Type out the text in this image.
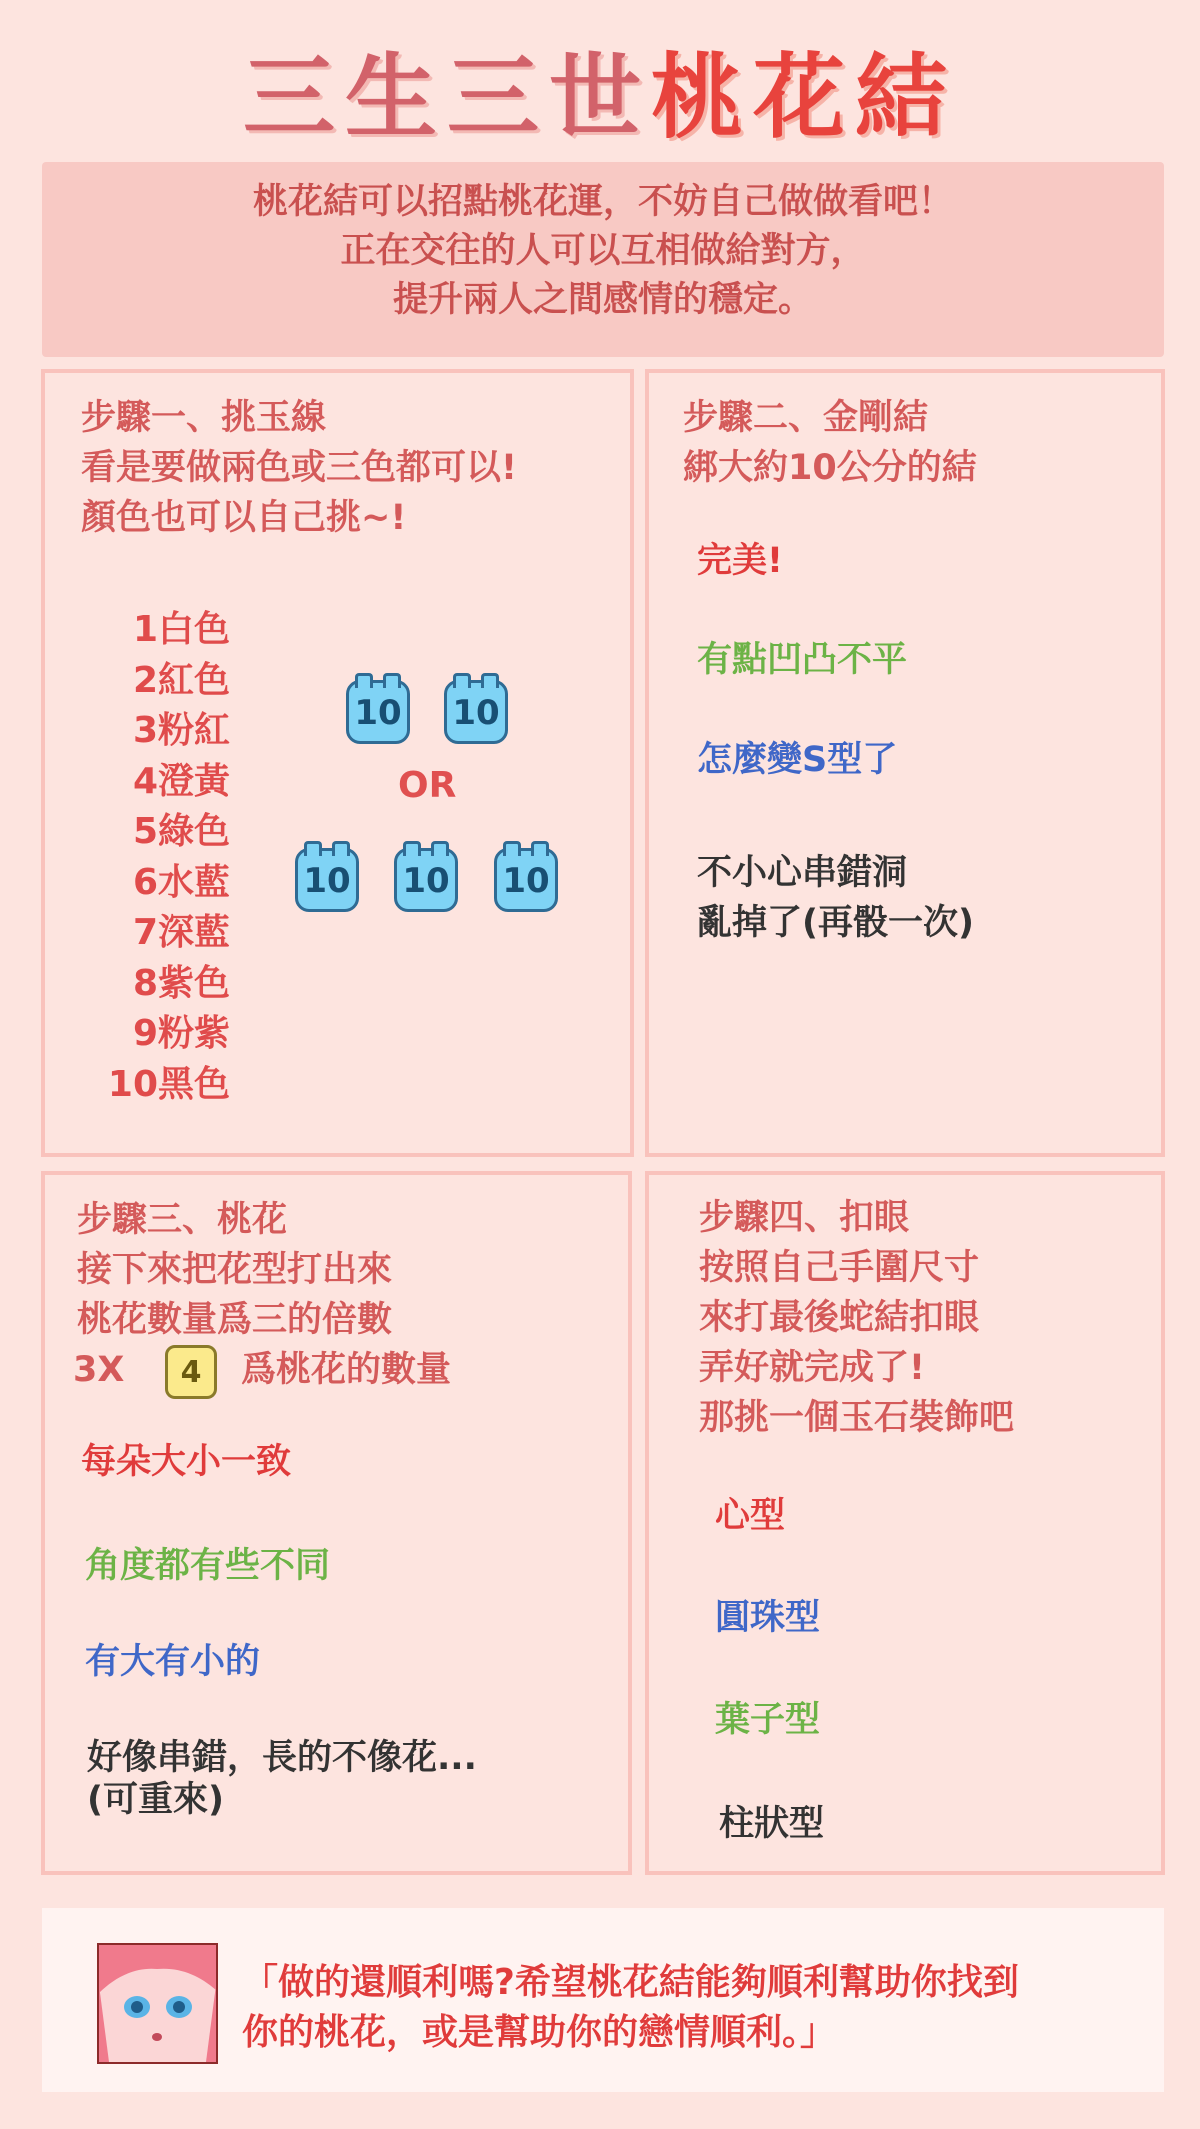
三生三世桃花結
桃花結可以招點桃花運，不妨自己做做看吧！
正在交往的人可以互相做給對方，
提升兩人之間感情的穩定。
步驟一、挑玉線
看是要做兩色或三色都可以!
顏色也可以自己挑~!
1白色
2紅色
3粉紅
4澄黃
5綠色
6水藍
7深藍
8紫色
9粉紫
10黑色
10 10
OR
10 10 10
步驟二、金剛結
綁大約10公分的結
完美!
有點凹凸不平
怎麼變S型了
不小心串錯洞
亂掉了(再骰一次)
步驟三、桃花
接下來把花型打出來
桃花數量爲三的倍數
3X	4	爲桃花的數量
每朵大小一致
角度都有些不同
有大有小的
好像串錯，長的不像花...
(可重來)
步驟四、扣眼
按照自己手圍尺寸
來打最後蛇結扣眼
弄好就完成了!
那挑一個玉石裝飾吧
心型
圓珠型
葉子型
柱狀型
「做的還順利嗎?希望桃花結能夠順利幫助你找到
你的桃花，或是幫助你的戀情順利。」
